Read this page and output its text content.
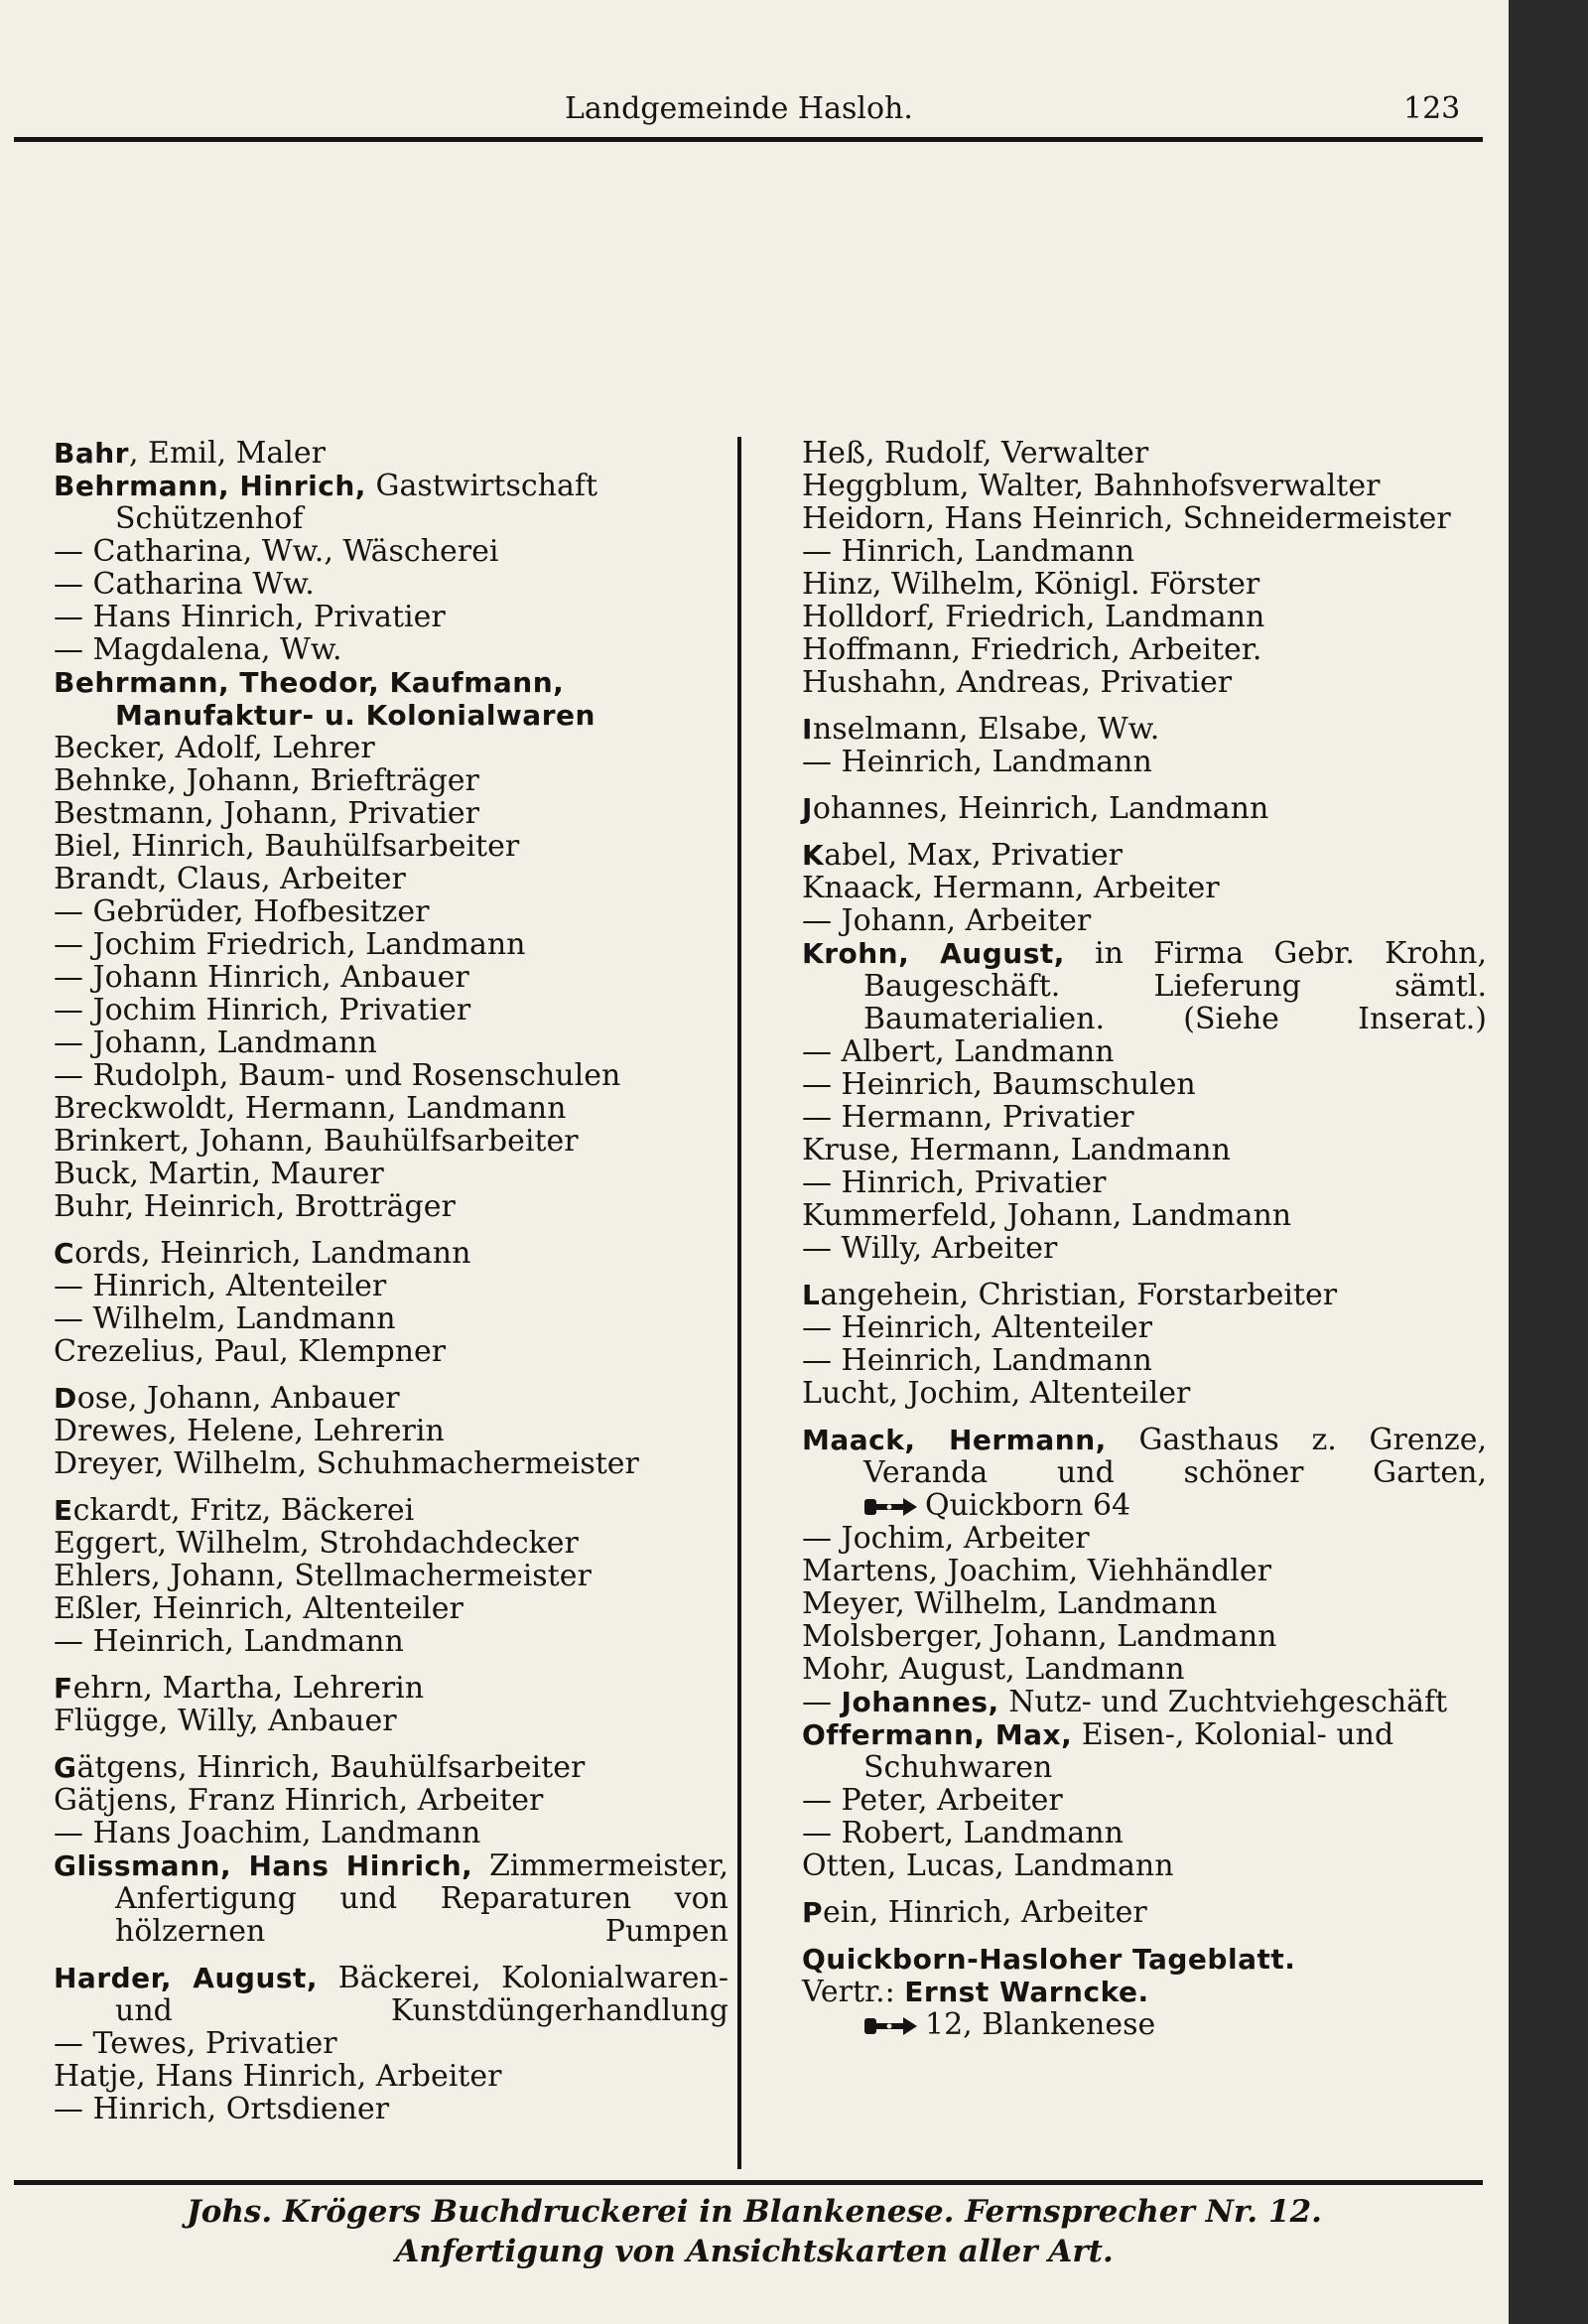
Landgemeinde Hasloh.	123

Bahr, Emil, Maler

Behrmann, Hinrich, Gastwirtschaft Schützenhof

— Catharina, Ww., Wäscherei

— Catharina Ww.

— Hans Hinrich, Privatier

— Magdalena, Ww.

Behrmann, Theodor, Kaufmann, Manufaktur- u. Kolonialwaren

Becker, Adolf, Lehrer

Behnke, Johann, Briefträger

Bestmann, Johann, Privatier

Biel, Hinrich, Bauhülfsarbeiter

Brandt, Claus, Arbeiter

— Gebrüder, Hofbesitzer

— Jochim Friedrich, Landmann

— Johann Hinrich, Anbauer

— Jochim Hinrich, Privatier

— Johann, Landmann

— Rudolph, Baum- und Rosenschulen

Breckwoldt, Hermann, Landmann

Brinkert, Johann, Bauhülfsarbeiter

Buck, Martin, Maurer

Buhr, Heinrich, Brotträger

Cords, Heinrich, Landmann

— Hinrich, Altenteiler

— Wilhelm, Landmann

Crezelius, Paul, Klempner

Dose, Johann, Anbauer

Drewes, Helene, Lehrerin

Dreyer, Wilhelm, Schuhmachermeister

Eckardt, Fritz, Bäckerei

Eggert, Wilhelm, Strohdachdecker

Ehlers, Johann, Stellmachermeister

Eßler, Heinrich, Altenteiler

— Heinrich, Landmann

Fehrn, Martha, Lehrerin

Flügge, Willy, Anbauer

Gätgens, Hinrich, Bauhülfsarbeiter

Gätjens, Franz Hinrich, Arbeiter

— Hans Joachim, Landmann

Glissmann, Hans Hinrich, Zimmermeister, Anfertigung und Reparaturen von hölzernen Pumpen

Harder, August, Bäckerei, Kolonialwaren- und Kunstdüngerhandlung

— Tewes, Privatier

Hatje, Hans Hinrich, Arbeiter

— Hinrich, Ortsdiener

Heß, Rudolf, Verwalter

Heggblum, Walter, Bahnhofsverwalter

Heidorn, Hans Heinrich, Schneidermeister

— Hinrich, Landmann

Hinz, Wilhelm, Königl. Förster

Holldorf, Friedrich, Landmann

Hoffmann, Friedrich, Arbeiter.

Hushahn, Andreas, Privatier

Inselmann, Elsabe, Ww.

— Heinrich, Landmann

Johannes, Heinrich, Landmann

Kabel, Max, Privatier

Knaack, Hermann, Arbeiter

— Johann, Arbeiter

Krohn, August, in Firma Gebr. Krohn, Baugeschäft. Lieferung sämtl. Baumaterialien. (Siehe Inserat.)

— Albert, Landmann

— Heinrich, Baumschulen

— Hermann, Privatier

Kruse, Hermann, Landmann

— Hinrich, Privatier

Kummerfeld, Johann, Landmann

— Willy, Arbeiter

Langehein, Christian, Forstarbeiter

— Heinrich, Altenteiler

— Heinrich, Landmann

Lucht, Jochim, Altenteiler

Maack, Hermann, Gasthaus z. Grenze, Veranda und schöner Garten,

Quickborn 64

— Jochim, Arbeiter

Martens, Joachim, Viehhändler

Meyer, Wilhelm, Landmann

Molsberger, Johann, Landmann

Mohr, August, Landmann

— Johannes, Nutz- und Zuchtviehgeschäft

Offermann, Max, Eisen-, Kolonial- und Schuhwaren

— Peter, Arbeiter

— Robert, Landmann

Otten, Lucas, Landmann

Pein, Hinrich, Arbeiter

Quickborn-Hasloher Tageblatt.

Vertr.: Ernst Warncke.

12, Blankenese

Johs. Krögers Buchdruckerei in Blankenese. Fernsprecher Nr. 12.
Anfertigung von Ansichtskarten aller Art.
